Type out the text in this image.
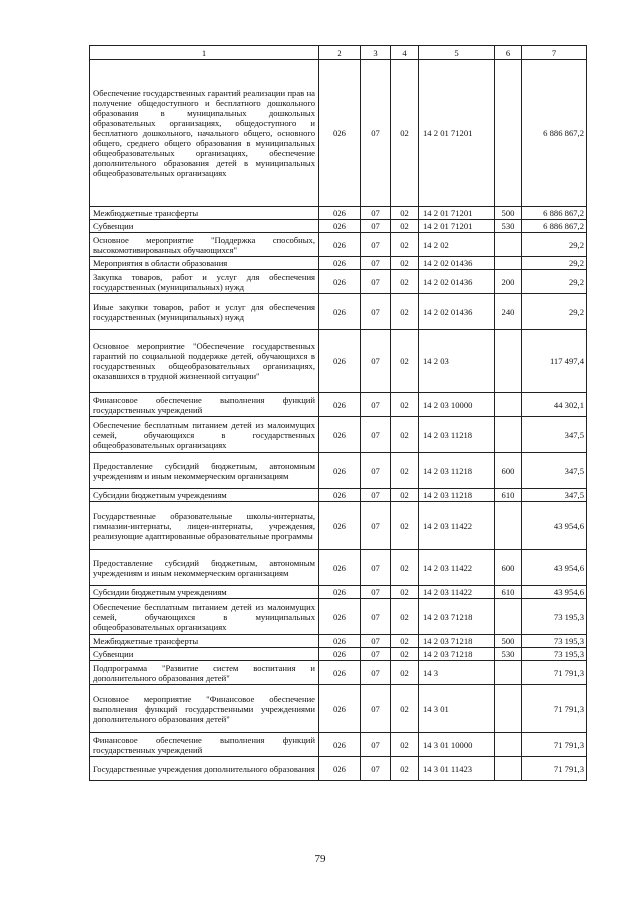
1	2	3	4	5	6	7
Обеспечение государственных гарантий реализации прав на получение общедоступного и бесплатного дошкольного образования в муниципальных дошкольных образовательных организациях, общедоступного и бесплатного дошкольного, начального общего, основного общего, среднего общего образования в муниципальных общеобразовательных организациях, обеспечение дополнительного образования детей в муниципальных общеобразовательных организациях	026	07	02	14 2 01 71201		6 886 867,2
Межбюджетные трансферты	026	07	02	14 2 01 71201	500	6 886 867,2
Субвенции	026	07	02	14 2 01 71201	530	6 886 867,2
Основное мероприятие "Поддержка способных, высокомотивированных обучающихся"	026	07	02	14 2 02		29,2
Мероприятия в области образования	026	07	02	14 2 02 01436		29,2
Закупка товаров, работ и услуг для обеспечения государственных (муниципальных) нужд	026	07	02	14 2 02 01436	200	29,2
Иные закупки товаров, работ и услуг для обеспечения государственных (муниципальных) нужд	026	07	02	14 2 02 01436	240	29,2
Основное мероприятие "Обеспечение государственных гарантий по социальной поддержке детей, обучающихся в государственных общеобразовательных организациях, оказавшихся в трудной жизненной ситуации"	026	07	02	14 2 03		117 497,4
Финансовое обеспечение выполнения функций государственных учреждений	026	07	02	14 2 03 10000		44 302,1
Обеспечение бесплатным питанием детей из малоимущих семей, обучающихся в государственных общеобразовательных организациях	026	07	02	14 2 03 11218		347,5
Предоставление субсидий бюджетным, автономным учреждениям и иным некоммерческим организациям	026	07	02	14 2 03 11218	600	347,5
Субсидии бюджетным учреждениям	026	07	02	14 2 03 11218	610	347,5
Государственные образовательные школы-интернаты, гимназии-интернаты, лицеи-интернаты, учреждения, реализующие адаптированные образовательные программы	026	07	02	14 2 03 11422		43 954,6
Предоставление субсидий бюджетным, автономным учреждениям и иным некоммерческим организациям	026	07	02	14 2 03 11422	600	43 954,6
Субсидии бюджетным учреждениям	026	07	02	14 2 03 11422	610	43 954,6
Обеспечение бесплатным питанием детей из малоимущих семей, обучающихся в муниципальных общеобразовательных организациях	026	07	02	14 2 03 71218		73 195,3
Межбюджетные трансферты	026	07	02	14 2 03 71218	500	73 195,3
Субвенции	026	07	02	14 2 03 71218	530	73 195,3
Подпрограмма "Развитие систем воспитания и дополнительного образования детей"	026	07	02	14 3		71 791,3
Основное мероприятие "Финансовое обеспечение выполнения функций государственными учреждениями дополнительного образования детей"	026	07	02	14 3 01		71 791,3
Финансовое обеспечение выполнения функций государственных учреждений	026	07	02	14 3 01 10000		71 791,3
Государственные учреждения дополнительного образования	026	07	02	14 3 01 11423		71 791,3
79
